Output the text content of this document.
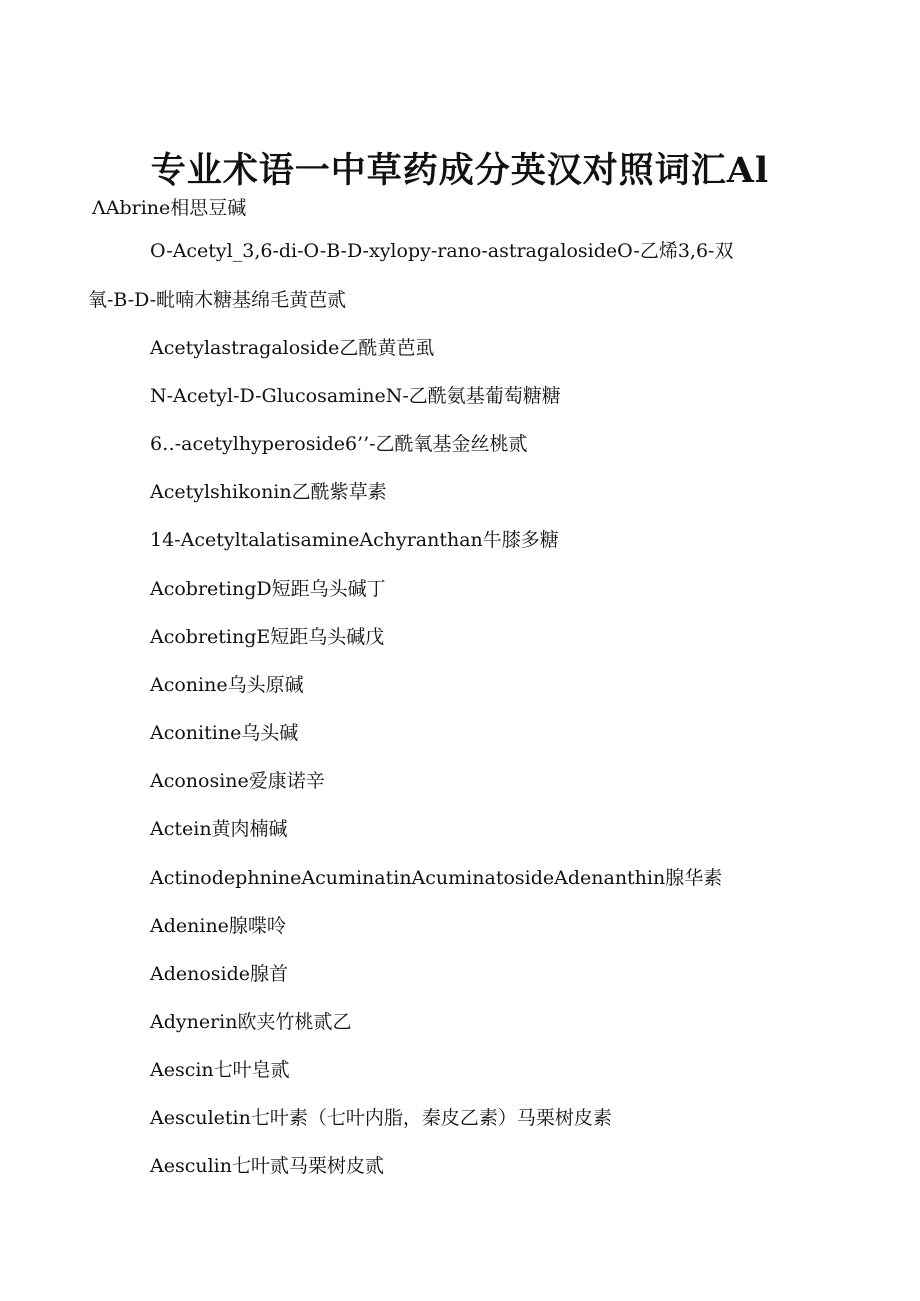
专业术语一中草药成分英汉对照词汇Al
ΛAbrine相思豆碱
O-Acetyl_3,6-di-O-B-D-ⅹylopy-rano-astragalosideO-乙烯3,6-双
氧-B-D-毗喃木糖基绵毛黄芭贰
Acetylastragaloside乙酰黄芭虱
N-Acetyl-D-GlucosamineN-乙酰氨基葡萄糖糖
6‥-acetylhyperoside6’’-乙酰氧基金丝桃贰
Acetylshikonin乙酰紫草素
14-AcetyltalatisamineAchyranthan牛膝多糖
AcobretingD短距乌头碱丁
AcobretingE短距乌头碱戊
Aconine乌头原碱
Aconitine乌头碱
Aconosine爱康诺辛
Actein黄肉楠碱
ActinodephnineAcuminatinAcuminatosideAdenanthin腺华素
Adenine腺喋呤
Adenoside腺首
Adynerin欧夹竹桃贰乙
Aescin七叶皂贰
Aesculetin七叶素（七叶内脂，秦皮乙素）马栗树皮素
Aesculin七叶贰马栗树皮贰
